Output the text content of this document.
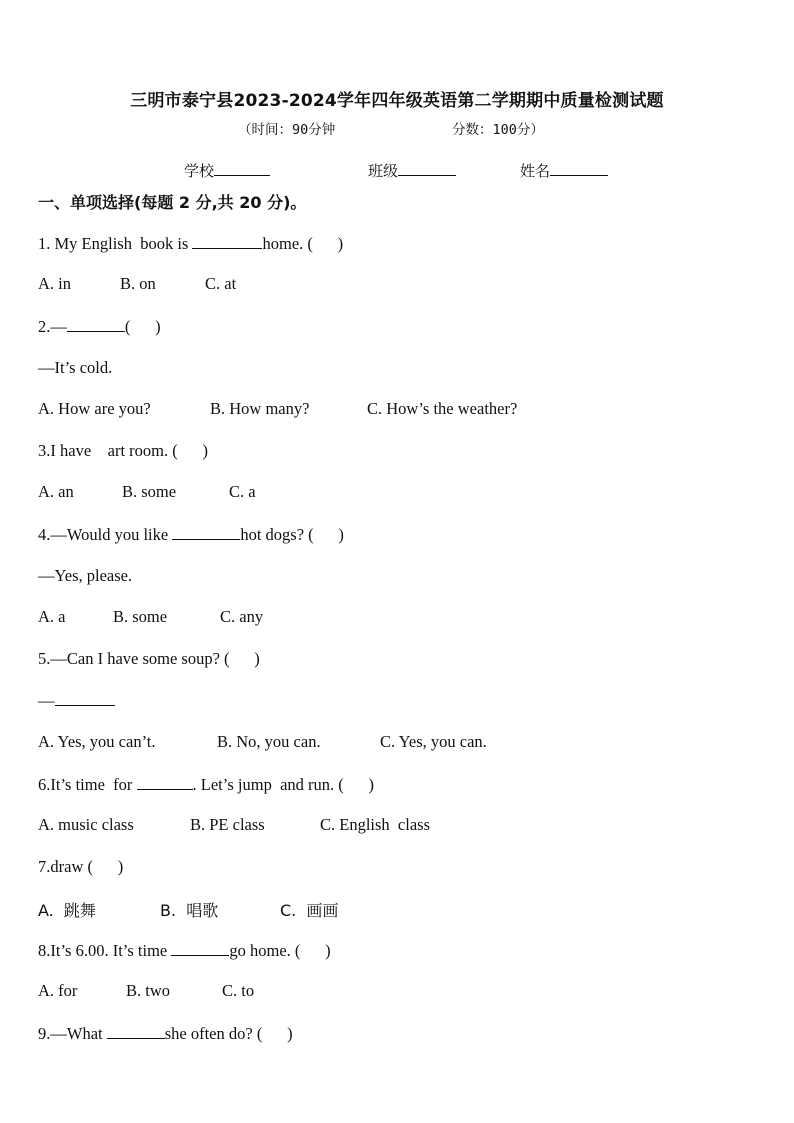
三明市泰宁县2023-2024学年四年级英语第二学期期中质量检测试题
（时间：90分钟	分数：100分）
学校	班级	姓名
一、单项选择(每题 2 分,共 20 分)。
1. My English  book is	home. (      )
A. in	B. on	C. at
2.—	(      )
—It’s cold.
A. How are you?	B. How many?	C. How’s the weather?
3.I have    art room. (      )
A. an	B. some	C. a
4.—Would you like	hot dogs? (      )
—Yes, please.
A. a	B. some	C. any
5.—Can I have some soup? (      )
—
A. Yes, you can’t.	B. No, you can.	C. Yes, you can.
6.It’s time  for	. Let’s jump  and run. (      )
A. music class	B. PE class	C. English  class
7.draw (      )
A.  跳舞	B.  唱歌	C.  画画
8.It’s 6.00. It’s time	go home. (      )
A. for	B. two	C. to
9.—What	she often do? (      )
